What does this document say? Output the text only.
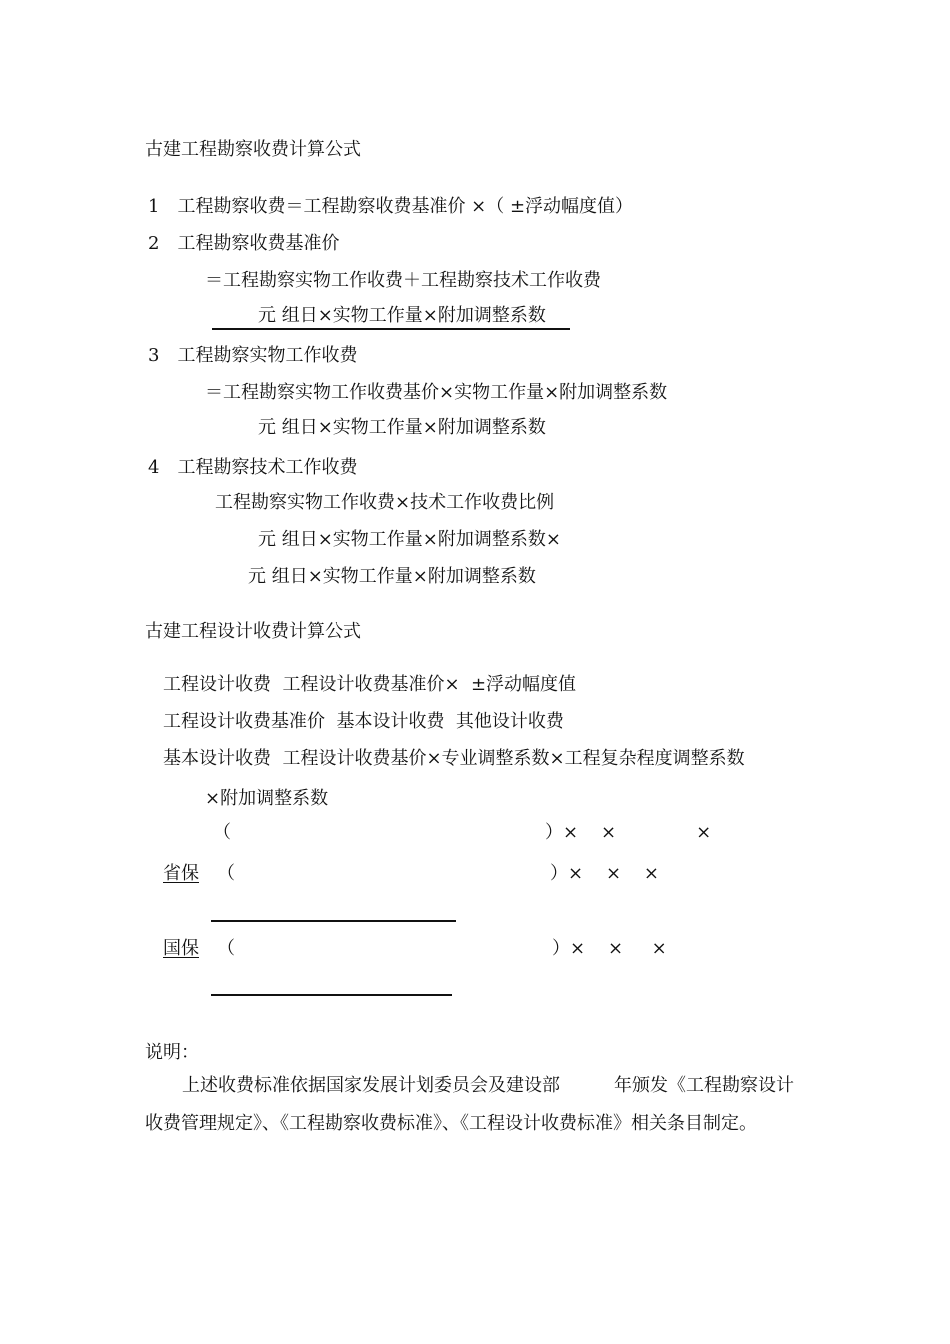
古建工程勘察收费计算公式
1　工程勘察收费＝工程勘察收费基准价 ×（ ±浮动幅度值）
2　工程勘察收费基准价
＝工程勘察实物工作收费＋工程勘察技术工作收费
元 组日×实物工作量×附加调整系数
3　工程勘察实物工作收费
＝工程勘察实物工作收费基价×实物工作量×附加调整系数
元 组日×实物工作量×附加调整系数
4　工程勘察技术工作收费
工程勘察实物工作收费×技术工作收费比例
元 组日×实物工作量×附加调整系数×
元 组日×实物工作量×附加调整系数
古建工程设计收费计算公式
工程设计收费  工程设计收费基准价×  ±浮动幅度值
工程设计收费基准价  基本设计收费  其他设计收费
基本设计收费  工程设计收费基价×专业调整系数×工程复杂程度调整系数
×附加调整系数
（	）×    ×              ×
省保 （	）×    ×    ×
国保 （	）×    ×     ×
说明：
上述收费标准依据国家发展计划委员会及建设部　　　年颁发《工程勘察设计收费管理规定》、《工程勘察收费标准》、《工程设计收费标准》相关条目制定。
